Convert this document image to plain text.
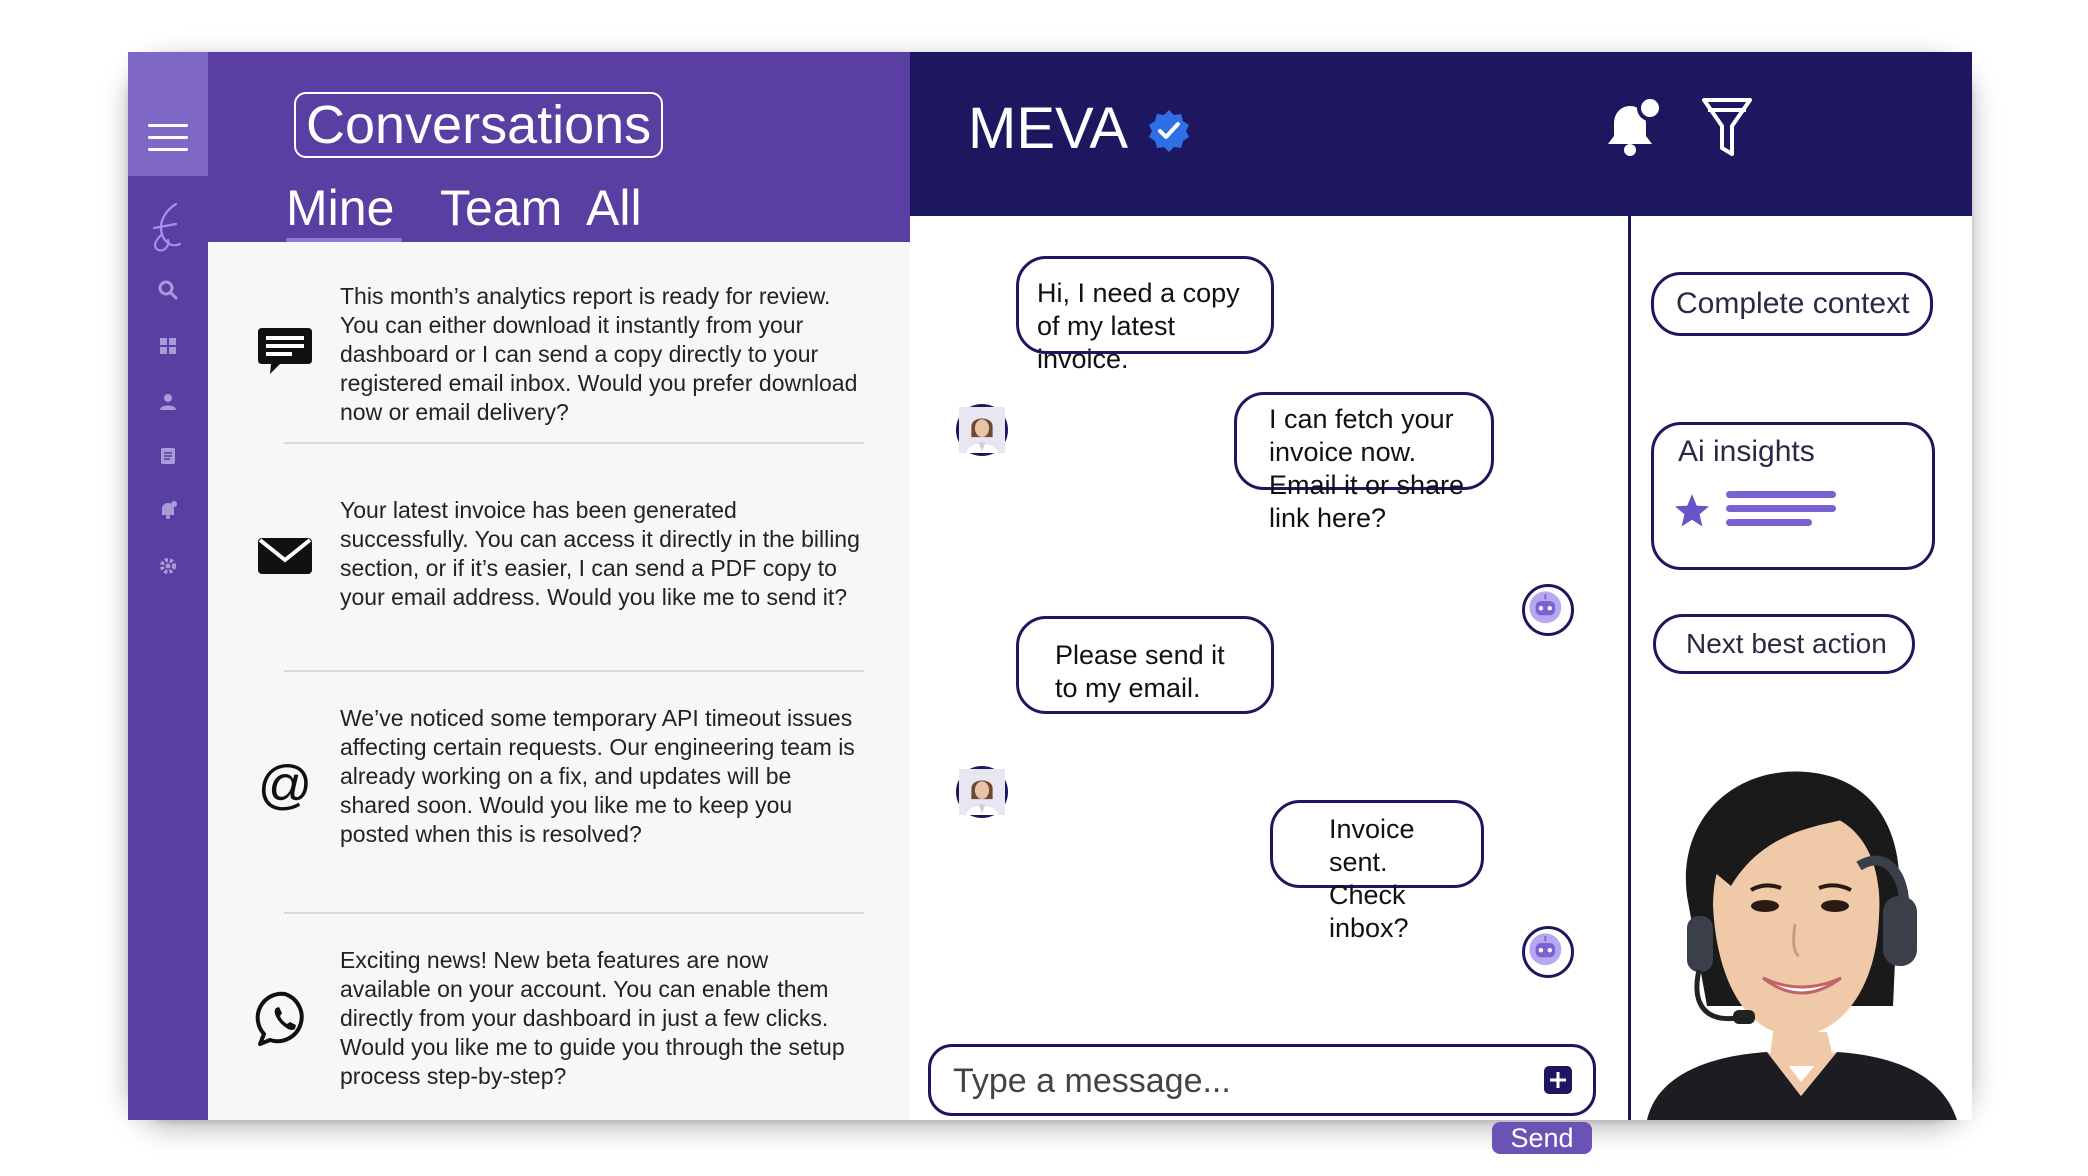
Conversations
Mine Team All
This month’s analytics report is ready for review. You can either download it instantly from your dashboard or I can send a copy directly to your registered email inbox. Would you prefer download now or email delivery?
Your latest invoice has been generated successfully. You can access it directly in the billing section, or if it’s easier, I can send a PDF copy to your email address. Would you like me to send it?
@
We’ve noticed some temporary API timeout issues affecting certain requests. Our engineering team is already working on a fix, and updates will be shared soon. Would you like me to keep you posted when this is resolved?
Exciting news! New beta features are now available on your account. You can enable them directly from your dashboard in just a few clicks. Would you like me to guide you through the setup process step-by-step?
MEVA
Hi, I need a copy of my latest invoice.
I can fetch your invoice now. Email it or share link here?
Please send it to my email.
Invoice sent. Check inbox?
Type a message...
Send
Complete context
Ai insights
Next best action
